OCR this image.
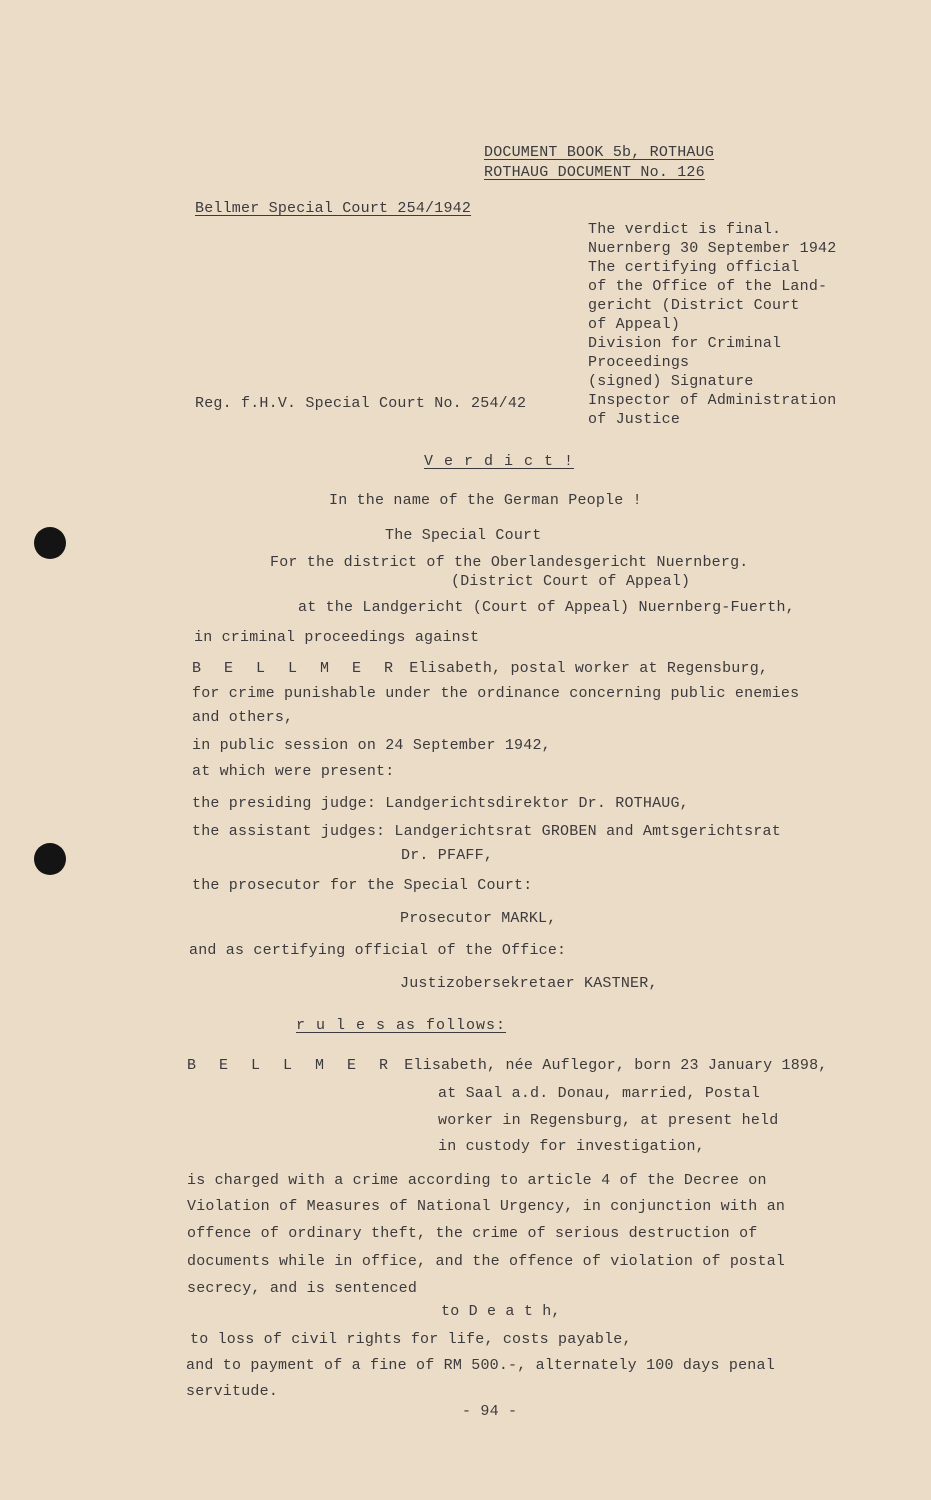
DOCUMENT BOOK 5b, ROTHAUG
ROTHAUG DOCUMENT No. 126
Bellmer Special Court 254/1942
The verdict is final.
Nuernberg 30 September 1942
The certifying official
of the Office of the Land-
gericht (District Court
of Appeal)
Division for Criminal
Proceedings
(signed) Signature
Inspector of Administration
of Justice
Reg. f.H.V. Special Court No. 254/42
V e r d i c t !
In the name of the German People !
The Special Court
For the district of the Oberlandesgericht Nuernberg.
(District Court of Appeal)
at the Landgericht (Court of Appeal) Nuernberg-Fuerth,
in criminal proceedings against
B E L L M E R Elisabeth, postal worker at Regensburg,
for crime punishable under the ordinance concerning public enemies
and others,
in public session on 24 September 1942,
at which were present:
the presiding judge: Landgerichtsdirektor Dr. ROTHAUG,
the assistant judges: Landgerichtsrat GROBEN and Amtsgerichtsrat
Dr. PFAFF,
the prosecutor for the Special Court:
Prosecutor MARKL,
and as certifying official of the Office:
Justizobersekretaer KASTNER,
r u l e s as follows:
B E L L M E R Elisabeth, née Auflegor, born 23 January 1898,
at Saal a.d. Donau, married, Postal
worker in Regensburg, at present held
in custody for investigation,
is charged with a crime according to article 4 of the Decree on
Violation of Measures of National Urgency, in conjunction with an
offence of ordinary theft, the crime of serious destruction of
documents while in office, and the offence of violation of postal
secrecy, and is sentenced
to D e a t h,
to loss of civil rights for life, costs payable,
and to payment of a fine of RM 500.-, alternately 100 days penal
servitude.
- 94 -
